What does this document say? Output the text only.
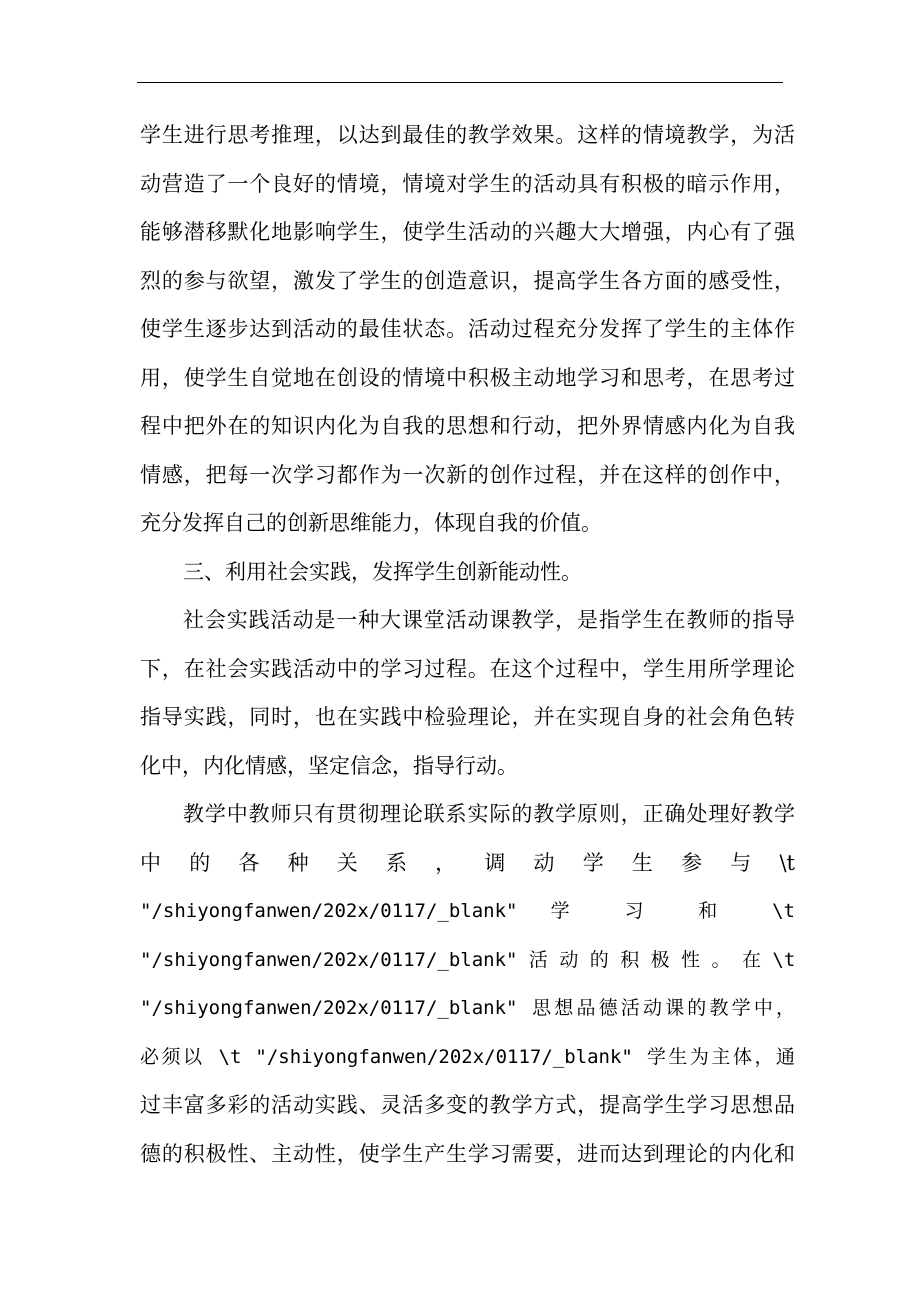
学生进行思考推理，以达到最佳的教学效果。这样的情境教学，为活
动营造了一个良好的情境，情境对学生的活动具有积极的暗示作用，
能够潜移默化地影响学生，使学生活动的兴趣大大增强，内心有了强
烈的参与欲望，激发了学生的创造意识，提高学生各方面的感受性，
使学生逐步达到活动的最佳状态。活动过程充分发挥了学生的主体作
用，使学生自觉地在创设的情境中积极主动地学习和思考，在思考过
程中把外在的知识内化为自我的思想和行动，把外界情感内化为自我
情感，把每一次学习都作为一次新的创作过程，并在这样的创作中，
充分发挥自己的创新思维能力，体现自我的价值。
三、利用社会实践，发挥学生创新能动性。
社会实践活动是一种大课堂活动课教学，是指学生在教师的指导
下，在社会实践活动中的学习过程。在这个过程中，学生用所学理论
指导实践，同时，也在实践中检验理论，并在实现自身的社会角色转
化中，内化情感，坚定信念，指导行动。
教学中教师只有贯彻理论联系实际的教学原则，正确处理好教学
中 的 各 种 关 系 ， 调 动 学 生 参 与 \t
"/shiyongfanwen/202x/0117/_blank" 学 习 和 \t
"/shiyongfanwen/202x/0117/_blank" 活 动 的 积 极 性 。 在 \t
"/shiyongfanwen/202x/0117/_blank" 思想品德活动课的教学中，
必须以 \t "/shiyongfanwen/202x/0117/_blank" 学生为主体，通
过丰富多彩的活动实践、灵活多变的教学方式，提高学生学习思想品
德的积极性、主动性，使学生产生学习需要，进而达到理论的内化和
